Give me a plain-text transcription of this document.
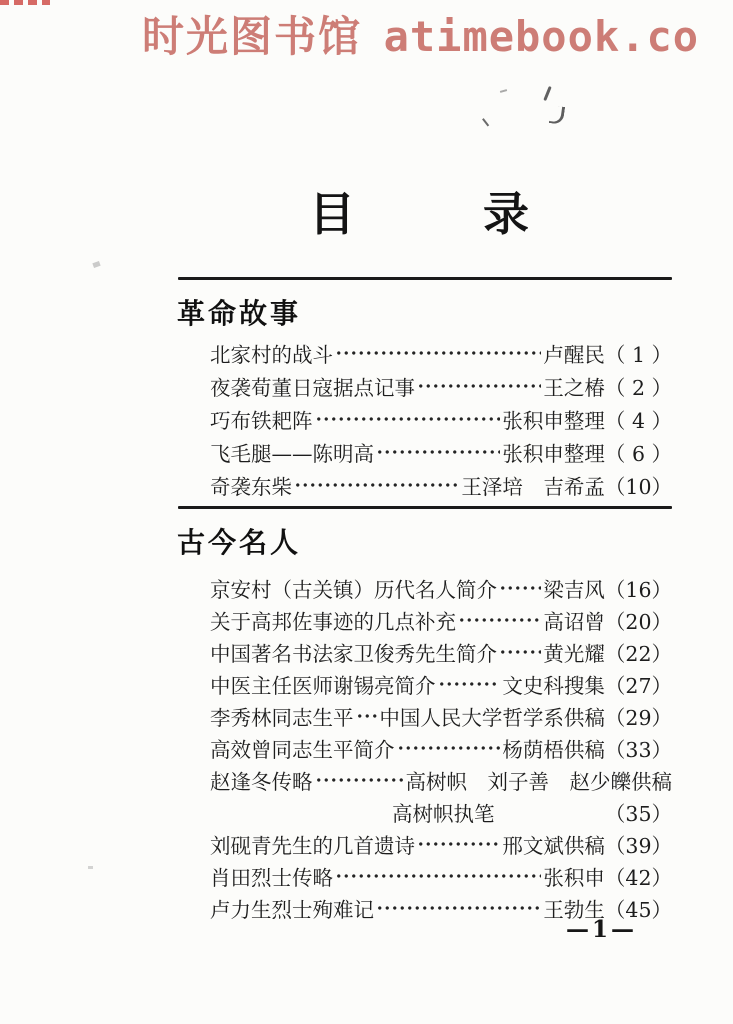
时光图书馆 atimebook.co
目　　录
革命故事
北家村的战斗	卢醒民 （ 1 ）
夜袭荀董日寇据点记事	王之椿 （ 2 ）
巧布铁耙阵	张积申整理 （ 4 ）
飞毛腿——陈明高	张积申整理 （ 6 ）
奇袭东柴	王泽培　吉希孟 （10）
古今名人
京安村（古关镇）历代名人简介 梁吉风 （16）
关于高邦佐事迹的几点补充	高诏曾 （20）
中国著名书法家卫俊秀先生简介 黄光耀 （22）
中医主任医师谢锡亮简介	文史科搜集 （27）
李秀林同志生平 中国人民大学哲学系供稿 （29）
高效曾同志生平简介	杨荫梧供稿 （33）
赵逢冬传略	高树帜　刘子善　赵少皪供稿
高树帜执笔	（35）
刘砚青先生的几首遗诗	邢文斌供稿 （39）
肖田烈士传略	张积申 （42）
卢力生烈士殉难记	王勃生 （45）
—1—
